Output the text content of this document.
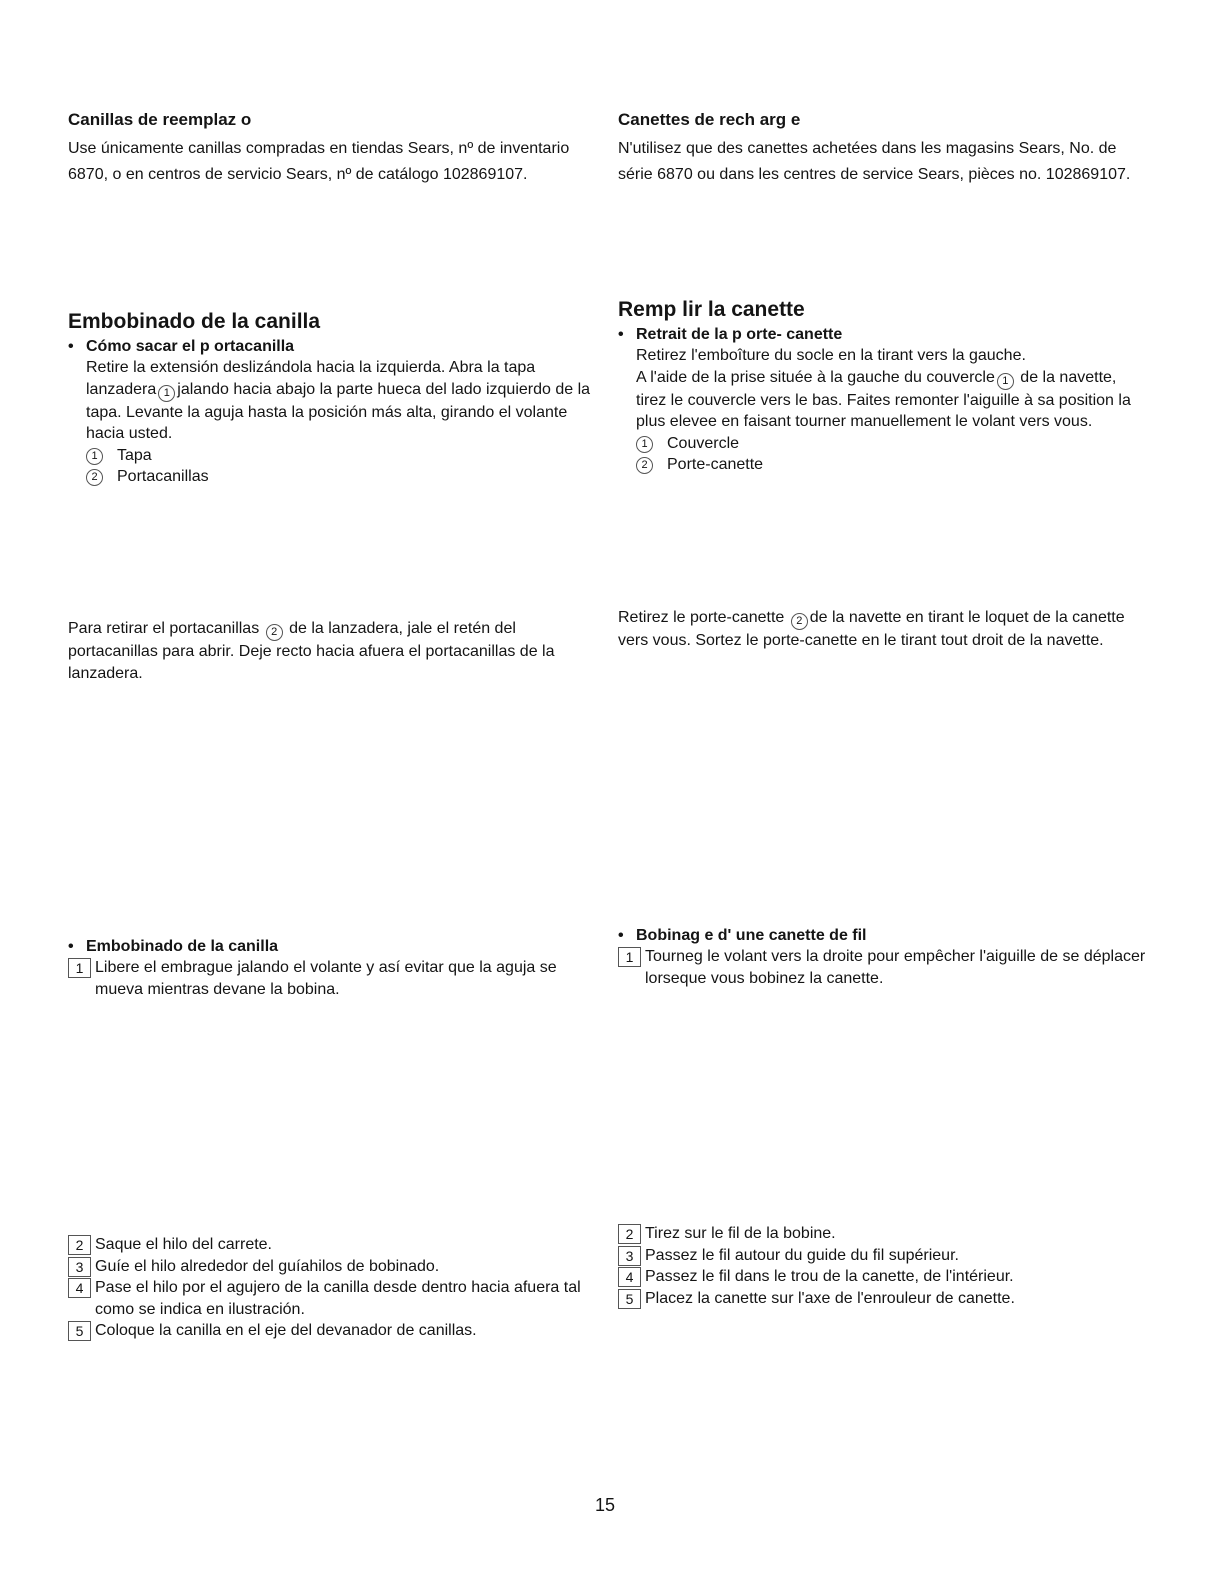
Canillas de reemplaz o

Use únicamente canillas compradas en tiendas Sears, nº de inventario 6870, o en centros de servicio Sears, nº de catálogo 102869107.

Canettes de rech arg e

N'utilisez que des canettes achetées dans les magasins Sears, No. de série 6870 ou dans les centres de service Sears, pièces no. 102869107.

Embobinado de la canilla
• Cómo sacar el p ortacanilla

Retire la extensión deslizándola hacia la izquierda. Abra la tapa lanzadera 1 jalando hacia abajo la parte hueca del lado izquierdo de la tapa. Levante la aguja hasta la posición más alta, girando el volante hacia usted.

1	Tapa
2	Portacanillas
Remp lir la canette
• Retrait de la p orte- canette

Retirez l'emboîture du socle en la tirant vers la gauche.

A l'aide de la prise située à la gauche du couvercle 1 de la navette, tirez le couvercle vers le bas. Faites remonter l'aiguille à sa position la plus elevee en faisant tourner manuellement le volant vers vous.

1	Couvercle
2	Porte-canette

Para retirar el portacanillas 2 de la lanzadera, jale el retén del portacanillas para abrir. Deje recto hacia afuera el portacanillas de la lanzadera.

Retirez le porte-canette 2 de la navette en tirant le loquet de la canette vers vous. Sortez le porte-canette en le tirant tout droit de la navette.

• Embobinado de la canilla
1 Libere el embrague jalando el volante y así evitar que la aguja se mueva mientras devane la bobina.
• Bobinag e d' une canette de fil
1 Tourneg le volant vers la droite pour empêcher l'aiguille de se déplacer lorseque vous bobinez la canette.
2 Saque el hilo del carrete.
3 Guíe el hilo alrededor del guíahilos de bobinado.
4 Pase el hilo por el agujero de la canilla desde dentro hacia afuera tal como se indica en ilustración.
5 Coloque la canilla en el eje del devanador de canillas.
2 Tirez sur le fil de la bobine.
3 Passez le fil autour du guide du fil supérieur.
4 Passez le fil dans le trou de la canette, de l'intérieur.
5 Placez la canette sur l'axe de l'enrouleur de canette.
15
